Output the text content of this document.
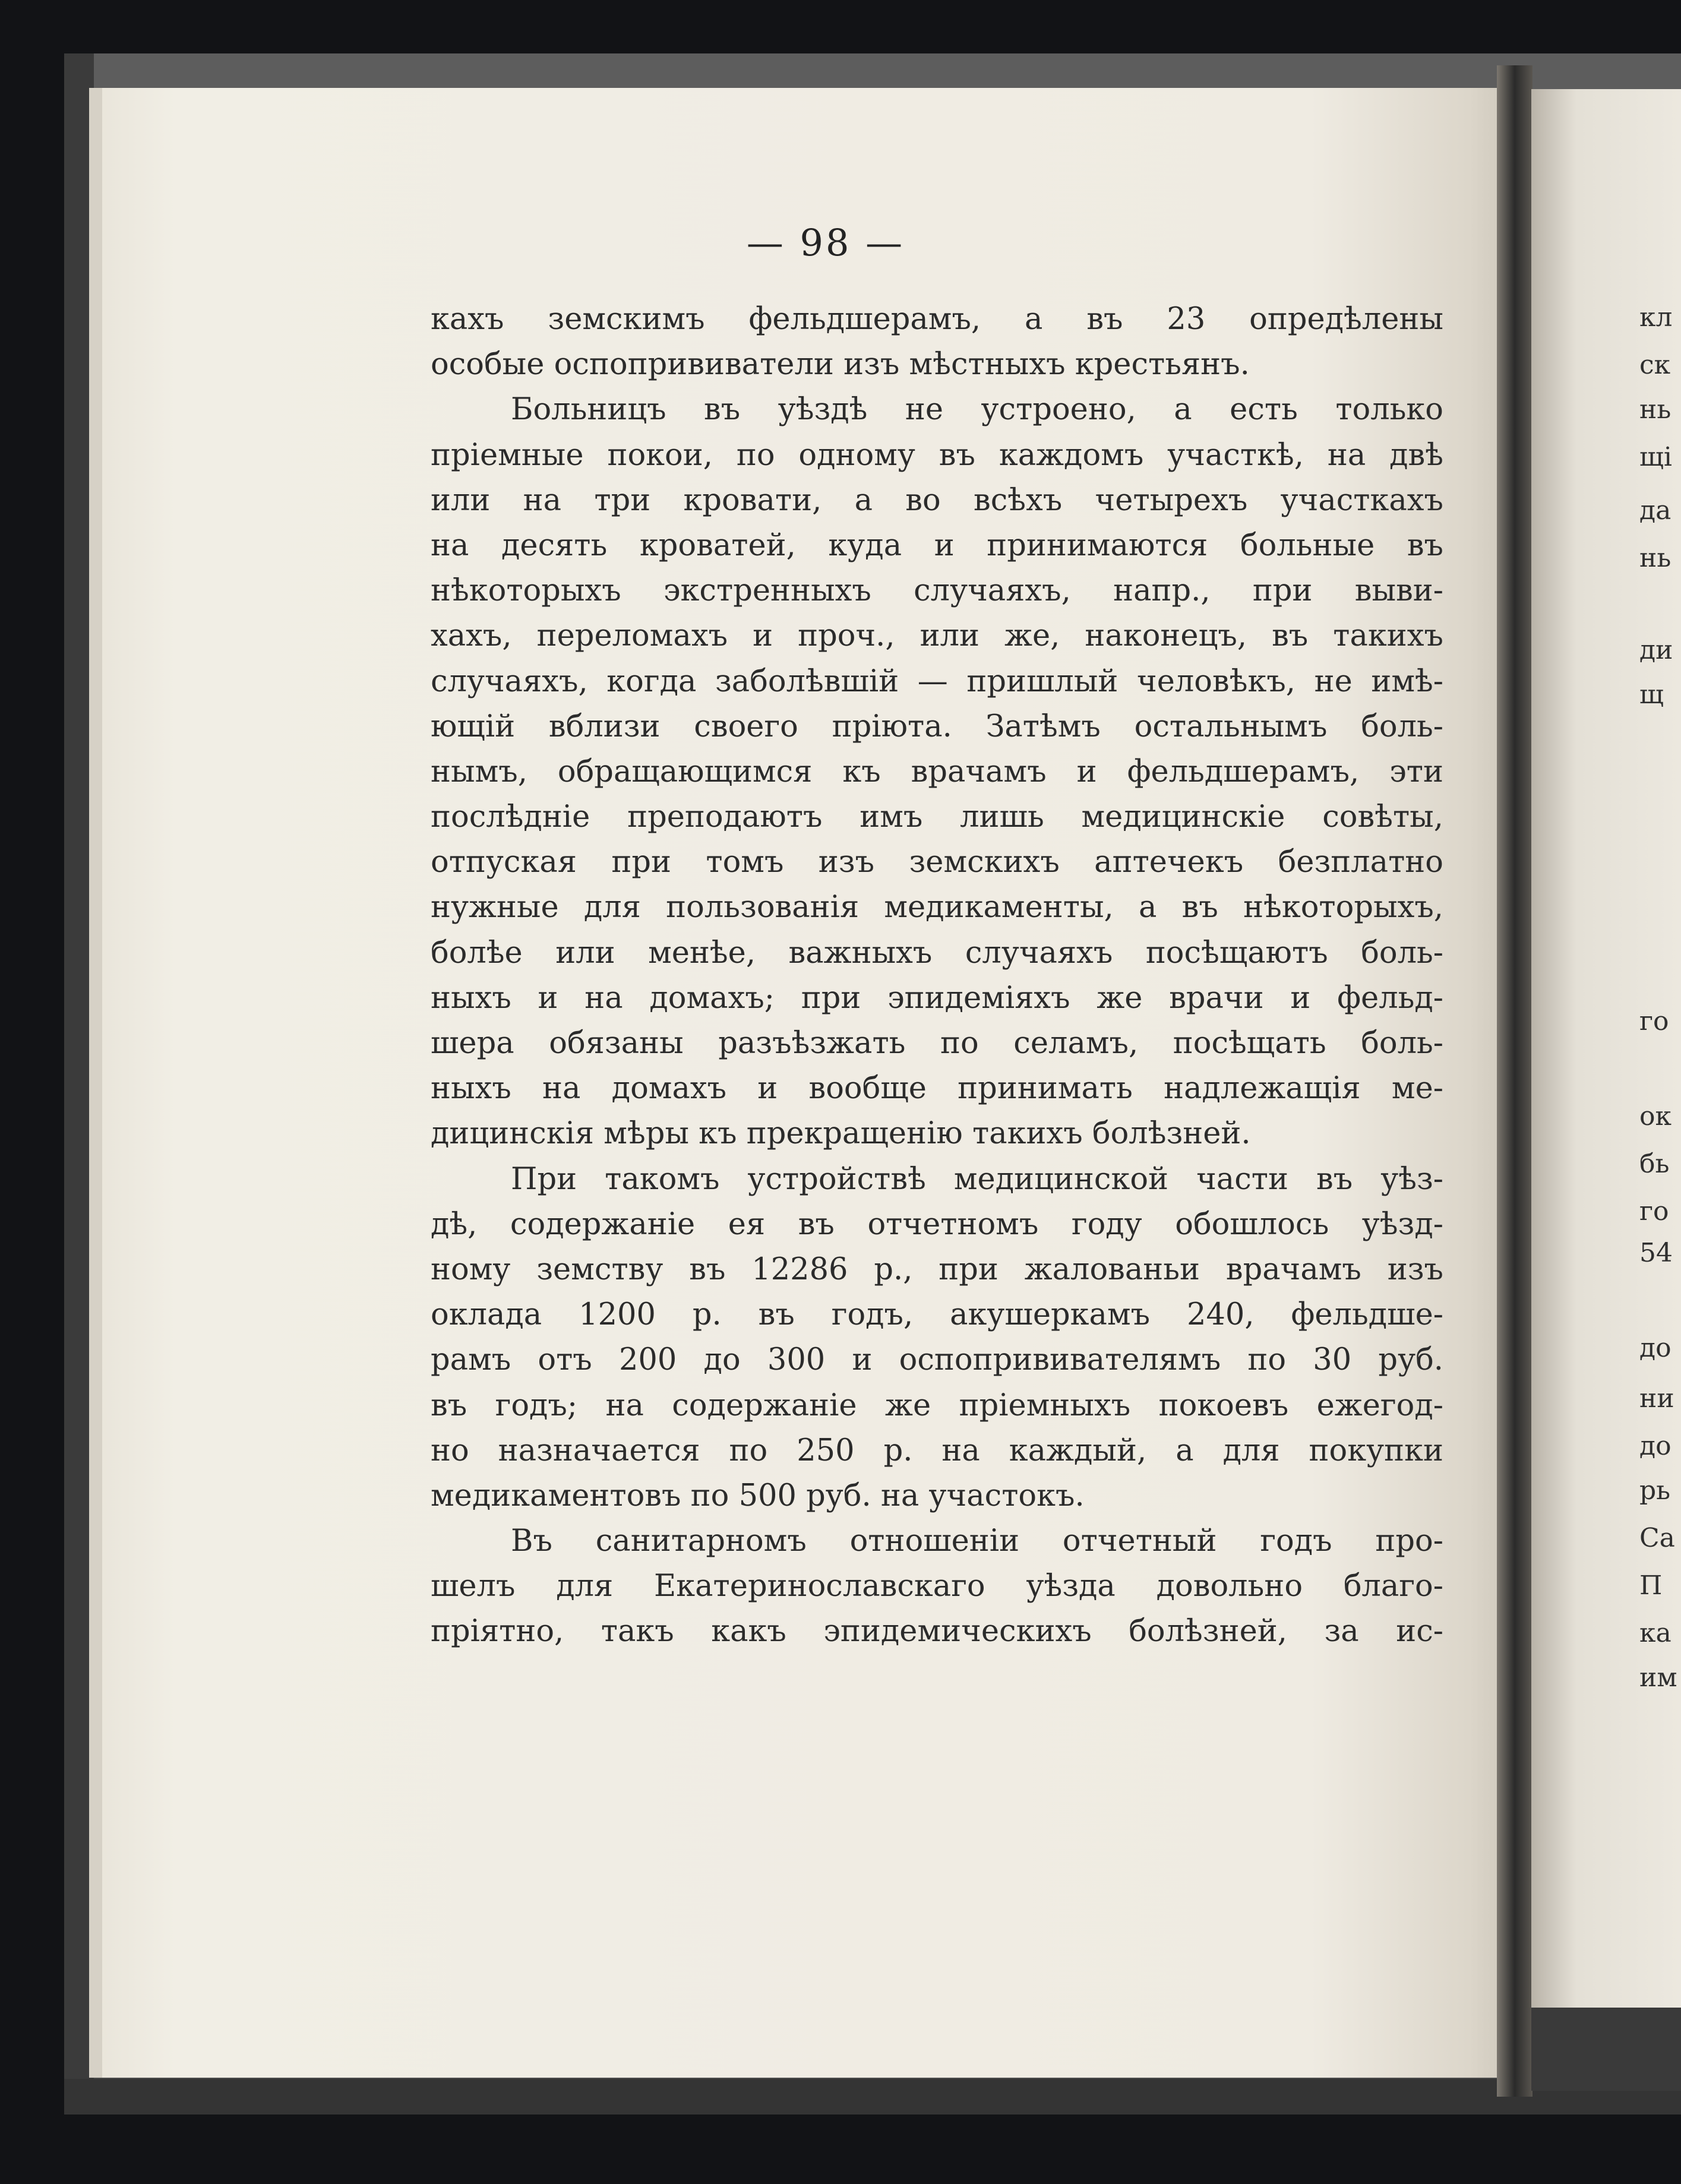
— 98 —
кахъ земскимъ фельдшерамъ, а въ 23 опредѣлены
особые оспопрививатели изъ мѣстныхъ крестьянъ.
Больницъ въ уѣздѣ не устроено, а есть только
пріемные покои, по одному въ каждомъ участкѣ, на двѣ
или на три кровати, а во всѣхъ четырехъ участкахъ
на десять кроватей, куда и принимаются больные въ
нѣкоторыхъ экстренныхъ случаяхъ, напр., при выви-
хахъ, переломахъ и проч., или же, наконецъ, въ такихъ
случаяхъ, когда заболѣвшій — пришлый человѣкъ, не имѣ-
ющій вблизи своего пріюта. Затѣмъ остальнымъ боль-
нымъ, обращающимся къ врачамъ и фельдшерамъ, эти
послѣдніе преподаютъ имъ лишь медицинскіе совѣты,
отпуская при томъ изъ земскихъ аптечекъ безплатно
нужные для пользованія медикаменты, а въ нѣкоторыхъ,
болѣе или менѣе, важныхъ случаяхъ посѣщаютъ боль-
ныхъ и на домахъ; при эпидеміяхъ же врачи и фельд-
шера обязаны разъѣзжать по селамъ, посѣщать боль-
ныхъ на домахъ и вообще принимать надлежащія ме-
дицинскія мѣры къ прекращенію такихъ болѣзней.
При такомъ устройствѣ медицинской части въ уѣз-
дѣ, содержаніе ея въ отчетномъ году обошлось уѣзд-
ному земству въ 12286 р., при жалованьи врачамъ изъ
оклада 1200 р. въ годъ, акушеркамъ 240, фельдше-
рамъ отъ 200 до 300 и оспопрививателямъ по 30 руб.
въ годъ; на содержаніе же пріемныхъ покоевъ ежегод-
но назначается по 250 р. на каждый, а для покупки
медикаментовъ по 500 руб. на участокъ.
Въ санитарномъ отношеніи отчетный годъ про-
шелъ для Екатеринославскаго уѣзда довольно благо-
пріятно, такъ какъ эпидемическихъ болѣзней, за ис-
кл
ск
нь
щі
да
нь
ди
щ
го
ок
бь
го
54
до
ни
до
рь
Са
П
ка
им
